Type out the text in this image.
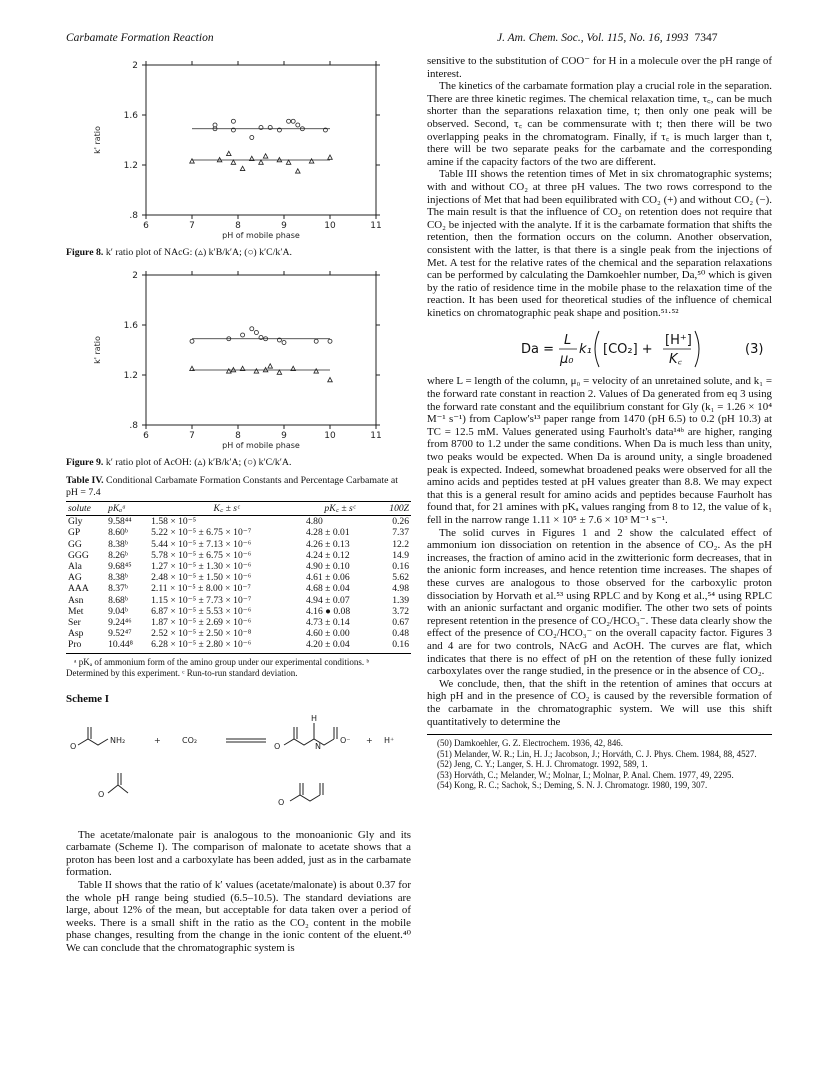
Carbamate Formation Reaction	J. Am. Chem. Soc., Vol. 115, No. 16, 1993 7347
6	7	8	9	10	11
2
1.6
1.2
.8
pH of mobile phase
k' ratio
Figure 8. k′ ratio plot of NAcG: (▵) k′B/k′A; (○) k′C/k′A.
6	7	8	9	10	11
2
1.6
1.2
.8
pH of mobile phase
k' ratio
Figure 9. k′ ratio plot of AcOH: (▵) k′B/k′A; (○) k′C/k′A.
Table IV. Conditional Carbamate Formation Constants and Percentage Carbamate at pH = 7.4
solute	pKₐᵃ	K꜀ ± sᶜ	pK꜀ ± sᶜ	100Z
Gly	9.58⁴⁴	1.58 × 10⁻⁵	4.80	0.26
GP	8.60ᵇ	5.22 × 10⁻⁵ ± 6.75 × 10⁻⁷	4.28 ± 0.01	7.37
GG	8.38ᵇ	5.44 × 10⁻⁵ ± 7.13 × 10⁻⁶	4.26 ± 0.13	12.2
GGG	8.26ᵇ	5.78 × 10⁻⁵ ± 6.75 × 10⁻⁶	4.24 ± 0.12	14.9
Ala	9.68⁴⁵	1.27 × 10⁻⁵ ± 1.30 × 10⁻⁶	4.90 ± 0.10	0.16
AG	8.38ᵇ	2.48 × 10⁻⁵ ± 1.50 × 10⁻⁶	4.61 ± 0.06	5.62
AAA	8.37ᵇ	2.11 × 10⁻⁵ ± 8.00 × 10⁻⁷	4.68 ± 0.04	4.98
Asn	8.68ᵇ	1.15 × 10⁻⁵ ± 7.73 × 10⁻⁷	4.94 ± 0.07	1.39
Met	9.04ᵇ	6.87 × 10⁻⁵ ± 5.53 × 10⁻⁶	4.16 ● 0.08	3.72
Ser	9.24⁴⁶	1.87 × 10⁻⁵ ± 2.69 × 10⁻⁶	4.73 ± 0.14	0.67
Asp	9.52⁴⁷	2.52 × 10⁻⁵ ± 2.50 × 10⁻⁸	4.60 ± 0.00	0.48
Pro	10.44⁸	6.28 × 10⁻⁵ ± 2.80 × 10⁻⁶	4.20 ± 0.04	0.16
ᵃ pKₐ of ammonium form of the amino group under our experimental conditions. ᵇ Determined by this experiment. ᶜ Run-to-run standard deviation.
Scheme I
NH₂	+	CO₂	+ H⁺
H
N
O⁻
O
O
O
O

The acetate/malonate pair is analogous to the monoanionic Gly and its carbamate (Scheme I). The comparison of malonate to acetate shows that a proton has been lost and a carboxylate has been added, just as in the carbamate formation.

Table II shows that the ratio of k′ values (acetate/malonate) is about 0.37 for the whole pH range being studied (6.5–10.5). The standard deviations are large, about 12% of the mean, but acceptable for data taken over a period of weeks. There is a small shift in the ratio as the CO₂ content in the mobile phase changes, resulting from the change in the ionic content of the eluent.⁴⁰ We can conclude that the chromatographic system is

sensitive to the substitution of COO⁻ for H in a molecule over the pH range of interest.

The kinetics of the carbamate formation play a crucial role in the separation. There are three kinetic regimes. The chemical relaxation time, τ꜀, can be much shorter than the separations relaxation time, t; then only one peak will be observed. Second, τ꜀ can be commensurate with t; then there will be two overlapping peaks in the chromatogram. Finally, if τ꜀ is much larger than t, there will be two separate peaks for the carbamate and the corresponding amine if the capacity factors of the two are different.

Table III shows the retention times of Met in six chromatographic systems; with and without CO₂ at three pH values. The two rows correspond to the injections of Met that had been equilibrated with CO₂ (+) and without CO₂ (−). The main result is that the influence of CO₂ on retention does not require that CO₂ be injected with the analyte. If it is the carbamate formation that shifts the retention, then the formation occurs on the column. Another observation, consistent with the latter, is that there is a single peak from the injections of Met. A test for the relative rates of the chemical and the separation relaxations can be performed by calculating the Damkoehler number, Da,⁵⁰ which is given by the ratio of residence time in the mobile phase to the relaxation time of the reaction. It has been used for theoretical studies of the influence of chemical kinetics on chromatographic peak shape and position.⁵¹·⁵²

Da =
L
μ₀
k₁ [CO₂] +
[H⁺]
K꜀
(3)

where L = length of the column, μ₀ = velocity of an unretained solute, and k₁ = the forward rate constant in reaction 2. Values of Da generated from eq 3 using the forward rate constant and the equilibrium constant for Gly (k₁ = 1.26 × 10⁴ M⁻¹ s⁻¹) from Caplow's¹³ paper range from 1470 (pH 6.5) to 0.2 (pH 10.3) at TC = 12.5 mM. Values generated using Faurholt's data¹⁴ᵇ are higher, ranging from 8700 to 1.2 under the same conditions. When Da is much less than unity, two peaks would be expected. When Da is around unity, a single broadened peak is expected. Indeed, somewhat broadened peaks were observed for all the amino acids and peptides tested at pH values greater than 8.8. We may expect that this is a general result for amino acids and peptides because Faurholt has found that, for 21 amines with pKₐ values ranging from 8 to 12, the value of k₁ fell in the narrow range 1.11 × 10⁵ ± 7.6 × 10³ M⁻¹ s⁻¹.

The solid curves in Figures 1 and 2 show the calculated effect of ammonium ion dissociation on retention in the absence of CO₂. As the pH increases, the fraction of amino acid in the zwitterionic form decreases, that in the anionic form increases, and hence retention time increases. The shapes of these curves are analogous to those observed for the carboxylic proton dissociation by Horvath et al.⁵³ using RPLC and by Kong et al.,⁵⁴ using RPLC with an anionic surfactant and organic modifier. The other two sets of points represent retention in the presence of CO₂/HCO₃⁻. These data clearly show the effect of the presence of CO₂/HCO₃⁻ on the overall capacity factor. Figures 3 and 4 are for two controls, NAcG and AcOH. The curves are flat, which indicates that there is no effect of pH on the retention of these fully ionized carboxylates over the range studied, in the presence or in the absence of CO₂.

We conclude, then, that the shift in the retention of amines that occurs at high pH and in the presence of CO₂ is caused by the reversible formation of the carbamate in the chromatographic system. We will use this shift quantitatively to determine the

(50) Damkoehler, G. Z. Electrochem. 1936, 42, 846.
(51) Melander, W. R.; Lin, H. J.; Jacobson, J.; Horváth, C. J. Phys. Chem. 1984, 88, 4527.
(52) Jeng, C. Y.; Langer, S. H. J. Chromatogr. 1992, 589, 1.
(53) Horváth, C.; Melander, W.; Molnar, I.; Molnar, P. Anal. Chem. 1977, 49, 2295.
(54) Kong, R. C.; Sachok, S.; Deming, S. N. J. Chromatogr. 1980, 199, 307.
